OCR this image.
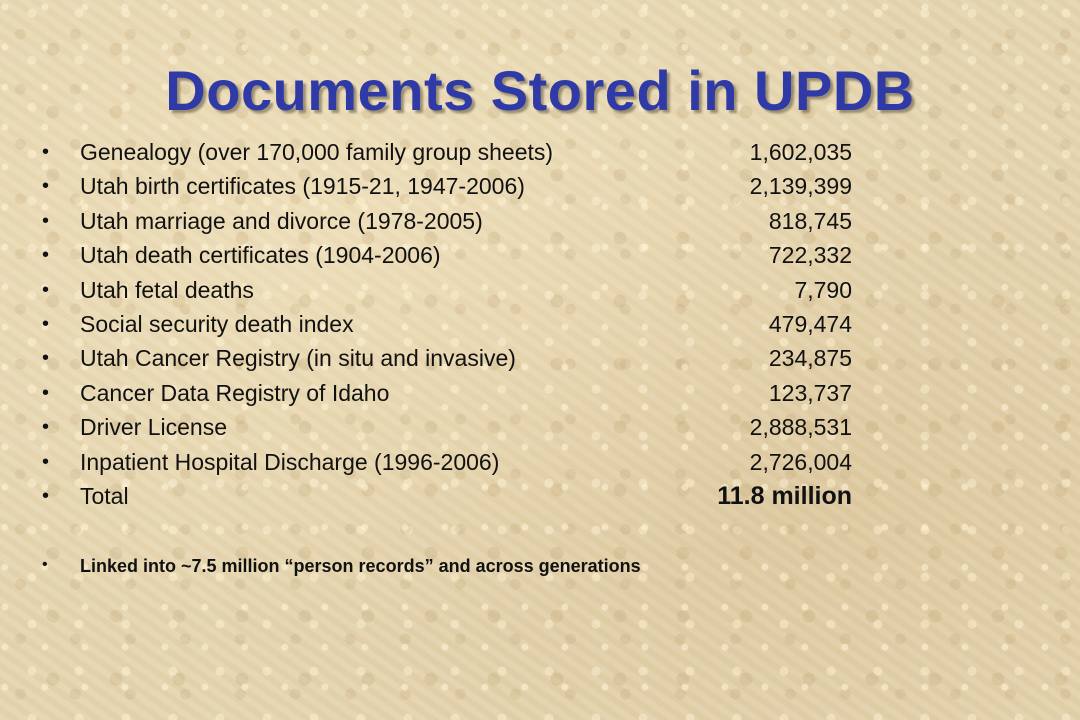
Documents Stored in UPDB
•	Genealogy (over 170,000 family group sheets)	1,602,035
•	Utah birth certificates (1915-21, 1947-2006)	2,139,399
•	Utah marriage and divorce (1978-2005)	818,745
•	Utah death certificates (1904-2006)	722,332
•	Utah fetal deaths	7,790
•	Social security death index	479,474
•	Utah Cancer Registry (in situ and invasive)	234,875
•	Cancer Data Registry of Idaho	123,737
•	Driver License	2,888,531
•	Inpatient Hospital Discharge (1996-2006)	2,726,004
•	Total	11.8 million
•	Linked into ~7.5 million “person records” and across generations
